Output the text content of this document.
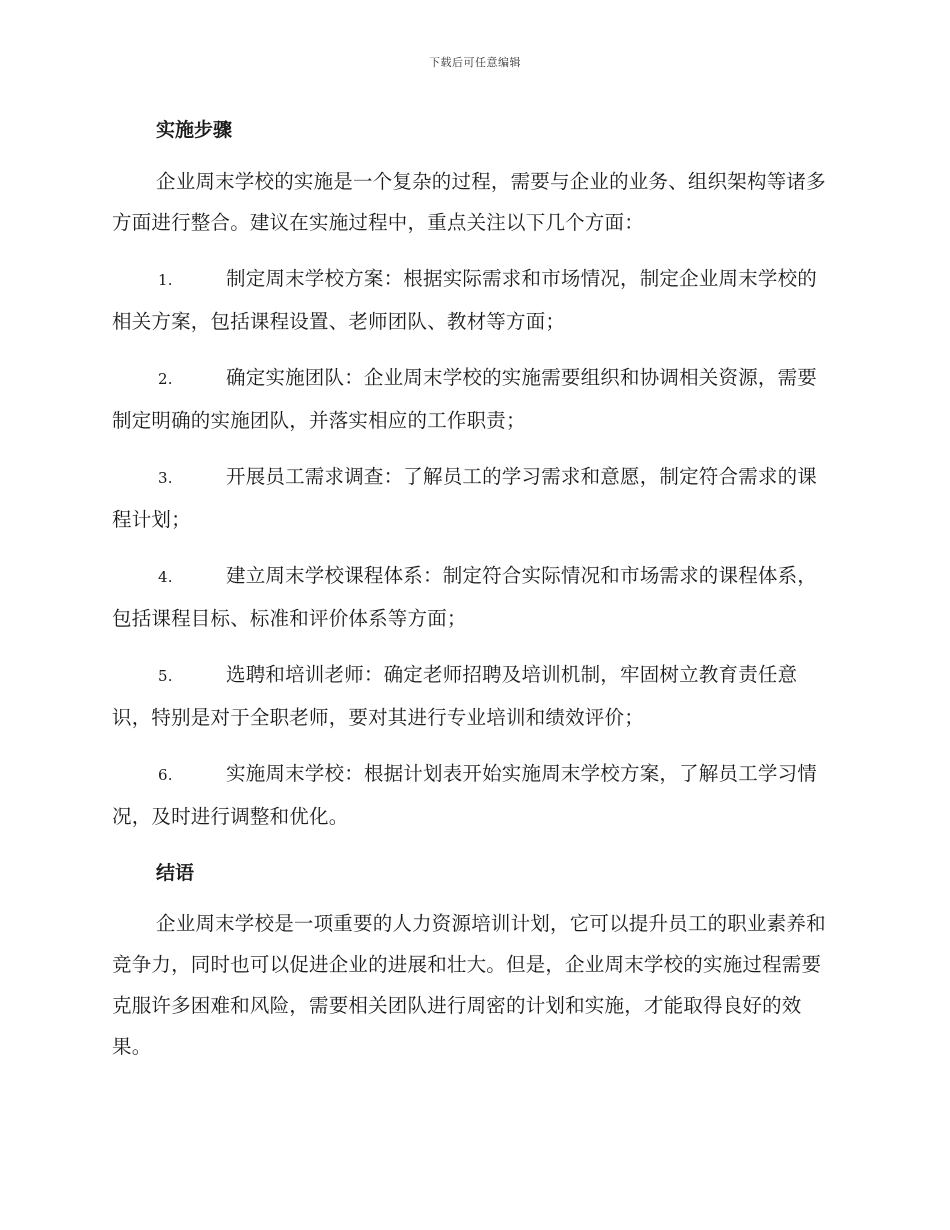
下载后可任意编辑
实施步骤

企业周末学校的实施是一个复杂的过程，需要与企业的业务、组织架构等诸多方面进行整合。建议在实施过程中，重点关注以下几个方面：

1.	制定周末学校方案：根据实际需求和市场情况，制定企业周末学校的相关方案，包括课程设置、老师团队、教材等方面；

2.	确定实施团队：企业周末学校的实施需要组织和协调相关资源，需要制定明确的实施团队，并落实相应的工作职责；

3.	开展员工需求调查：了解员工的学习需求和意愿，制定符合需求的课程计划；

4.	建立周末学校课程体系：制定符合实际情况和市场需求的课程体系，包括课程目标、标准和评价体系等方面；

5.	选聘和培训老师：确定老师招聘及培训机制，牢固树立教育责任意识，特别是对于全职老师，要对其进行专业培训和绩效评价；

6.	实施周末学校：根据计划表开始实施周末学校方案，了解员工学习情况，及时进行调整和优化。

结语

企业周末学校是一项重要的人力资源培训计划，它可以提升员工的职业素养和竞争力，同时也可以促进企业的进展和壮大。但是，企业周末学校的实施过程需要克服许多困难和风险，需要相关团队进行周密的计划和实施，才能取得良好的效果。
